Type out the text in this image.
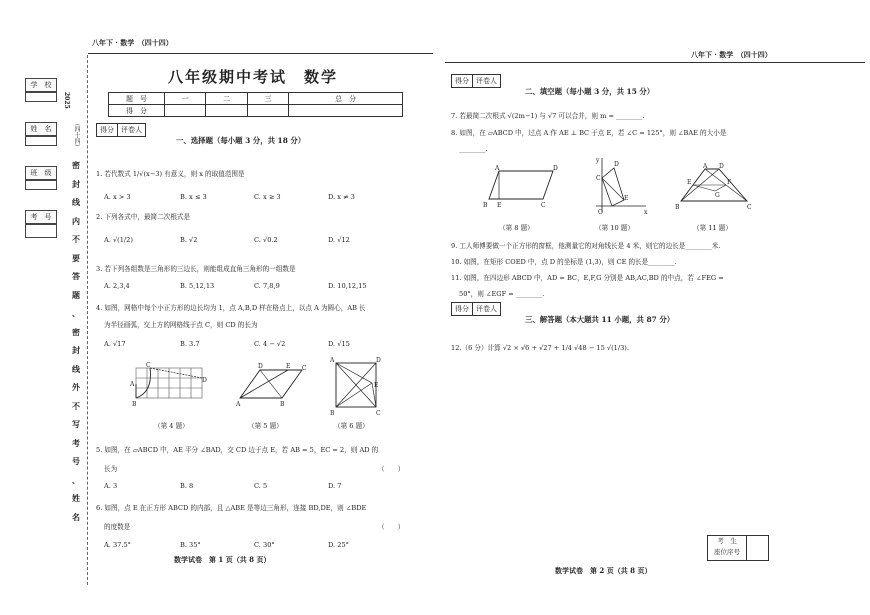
学　校
姓　名
班　级
考　号
2025
（四十四）
密
封
线
内
不
要
答
题
、
密
封
线
外
不
写
考
号
、
姓
名
八年下 · 数学　（四十四）
八年级期中考试　数学
题　号	一	二	三	总　分
得　分				
得分	评卷人
一、选择题（每小题 3 分，共 18 分）
1. 若代数式 1/√(x−3) 有意义，则 x 的取值范围是
A. x > 3	B. x ≤ 3	C. x ≥ 3	D. x ≠ 3
2. 下列各式中，最简二次根式是
A. √(1/2)	B. √2	C. √0.2	D. √12
3. 若下列各组数是三角形的三边长，则能组成直角三角形的一组数是
A. 2,3,4	B. 5,12,13	C. 7,8,9	D. 10,12,15
4. 如图，网格中每个小正方形的边长均为 1，点 A,B,D 样在格点上，以点 A 为圆心，AB 长
为半径画弧，交上方的网格线于点 C，则 CD 的长为
A. √17	B. 3.7	C. 4 − √2	D. √15
A
B
C
D
（第 4 题）
A	B
C
D	E
（第 5 题）
A	D
B	C
E
（第 6 题）
5. 如图，在 ▱ABCD 中，AE 平分 ∠BAD，交 CD 边于点 E，若 AB = 5，EC = 2，则 AD 的
长为	（　　）
A. 3	B. 8	C. 5	D. 7
6. 如图，点 E 在正方形 ABCD 的内部，且 △ABE 是等边三角形，连接 BD,DE，则 ∠BDE
的度数是	（　　）
A. 37.5°	B. 35°	C. 30°	D. 25°
数学试卷　第 1 页（共 8 页）
八年下 · 数学　（四十四）
得分	评卷人
二、填空题（每小题 3 分，共 15 分）
7. 若最简二次根式 √(2m−1) 与 √7 可以合并，则 m = ________.
8. 如图，在 ▱ABCD 中，过点 A 作 AE ⊥ BC 于点 E，若 ∠C = 125°，则 ∠BAE 的大小是
________.
A	D
B E	C
（第 8 题）
y
x
C
D
E
O
（第 10 题）
A D
B	C
E	F
G
（第 11 题）
9. 工人师傅要做一个正方形的窗框，他测量它的对角线长是 4 米，则它的边长是________米.
10. 如图，在矩形 COED 中，点 D 的坐标是 (1,3)，则 CE 的长是________.
11. 如图，在四边形 ABCD 中，AD = BC，E,F,G 分别是 AB,AC,BD 的中点，若 ∠FEG =
50°，则 ∠EGF = ________.
得分	评卷人
三、解答题（本大题共 11 小题，共 87 分）
12.（6 分）计算 √2 × √6 + √27 + 1/4 √48 − 15 √(1/3).
考　生
座位序号
数学试卷　第 2 页（共 8 页）
